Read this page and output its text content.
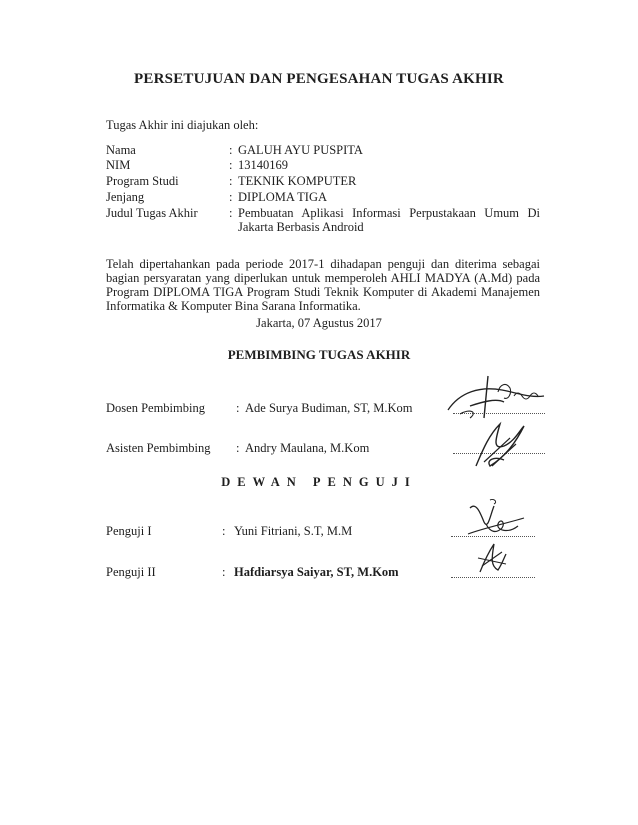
PERSETUJUAN DAN PENGESAHAN TUGAS AKHIR
Tugas Akhir ini diajukan oleh:
Nama	: GALUH AYU PUSPITA
NIM	: 13140169
Program Studi	: TEKNIK KOMPUTER
Jenjang	: DIPLOMA TIGA
Judul Tugas Akhir	: Pembuatan Aplikasi Informasi Perpustakaan Umum Di
Jakarta Berbasis Android
Telah dipertahankan pada periode 2017-1 dihadapan penguji dan diterima sebagai bagian persyaratan yang diperlukan untuk memperoleh AHLI MADYA (A.Md) pada Program DIPLOMA TIGA Program Studi Teknik Komputer di Akademi Manajemen Informatika & Komputer Bina Sarana Informatika.
Jakarta, 07 Agustus 2017
PEMBIMBING TUGAS AKHIR
Dosen Pembimbing : Ade Surya Budiman, ST, M.Kom
Asisten Pembimbing : Andry Maulana, M.Kom
DEWAN PENGUJI
Penguji I	: Yuni Fitriani, S.T, M.M
Penguji II	: Hafdiarsya Saiyar, ST, M.Kom
